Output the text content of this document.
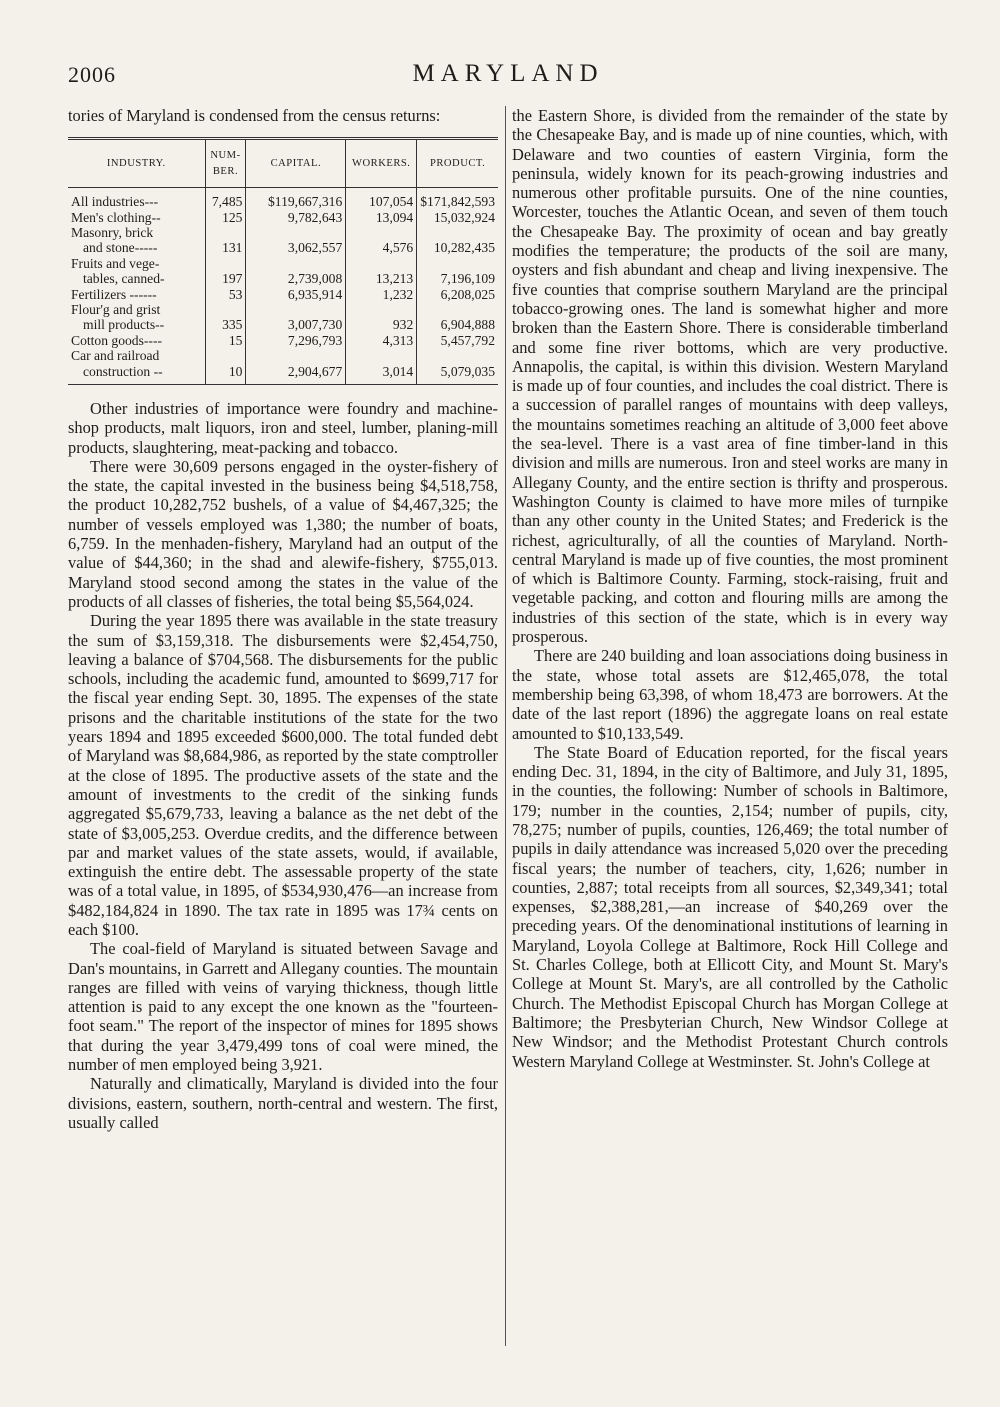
2006	MARYLAND

tories of Maryland is condensed from the census returns:

INDUSTRY.	NUM-BER.	CAPITAL.	WORKERS.	PRODUCT.
All industries---	7,485	$119,667,316	107,054	$171,842,593
Men's clothing--	125	9,782,643	13,094	15,032,924
Masonry, brick
and stone-----	131	3,062,557	4,576	10,282,435
Fruits and vege-
tables, canned-	197	2,739,008	13,213	7,196,109
Fertilizers ------	53	6,935,914	1,232	6,208,025
Flour'g and grist
mill products--	335	3,007,730	932	6,904,888
Cotton goods----	15	7,296,793	4,313	5,457,792
Car and railroad
construction --	10	2,904,677	3,014	5,079,035

Other industries of importance were foundry and machine-shop products, malt liquors, iron and steel, lumber, planing-mill products, slaughtering, meat-packing and tobacco.

There were 30,609 persons engaged in the oyster-fishery of the state, the capital invested in the business being $4,518,758, the product 10,282,752 bushels, of a value of $4,467,325; the number of vessels employed was 1,380; the number of boats, 6,759. In the menhaden-fishery, Maryland had an output of the value of $44,360; in the shad and alewife-fishery, $755,013. Maryland stood second among the states in the value of the products of all classes of fisheries, the total being $5,564,024.

During the year 1895 there was available in the state treasury the sum of $3,159,318. The disbursements were $2,454,750, leaving a balance of $704,568. The disbursements for the public schools, including the academic fund, amounted to $699,717 for the fiscal year ending Sept. 30, 1895. The expenses of the state prisons and the charitable institutions of the state for the two years 1894 and 1895 exceeded $600,000. The total funded debt of Maryland was $8,684,986, as reported by the state comptroller at the close of 1895. The productive assets of the state and the amount of investments to the credit of the sinking funds aggregated $5,679,733, leaving a balance as the net debt of the state of $3,005,253. Overdue credits, and the difference between par and market values of the state assets, would, if available, extinguish the entire debt. The assessable property of the state was of a total value, in 1895, of $534,930,476—an increase from $482,184,824 in 1890. The tax rate in 1895 was 17¾ cents on each $100.

The coal-field of Maryland is situated between Savage and Dan's mountains, in Garrett and Allegany counties. The mountain ranges are filled with veins of varying thickness, though little attention is paid to any except the one known as the "fourteen-foot seam." The report of the inspector of mines for 1895 shows that during the year 3,479,499 tons of coal were mined, the number of men employed being 3,921.

Naturally and climatically, Maryland is divided into the four divisions, eastern, southern, north-central and western. The first, usually called

the Eastern Shore, is divided from the remainder of the state by the Chesapeake Bay, and is made up of nine counties, which, with Delaware and two counties of eastern Virginia, form the peninsula, widely known for its peach-growing industries and numerous other profitable pursuits. One of the nine counties, Worcester, touches the Atlantic Ocean, and seven of them touch the Chesapeake Bay. The proximity of ocean and bay greatly modifies the temperature; the products of the soil are many, oysters and fish abundant and cheap and living inexpensive. The five counties that comprise southern Maryland are the principal tobacco-growing ones. The land is somewhat higher and more broken than the Eastern Shore. There is considerable timberland and some fine river bottoms, which are very productive. Annapolis, the capital, is within this division. Western Maryland is made up of four counties, and includes the coal district. There is a succession of parallel ranges of mountains with deep valleys, the mountains sometimes reaching an altitude of 3,000 feet above the sea-level. There is a vast area of fine timber-land in this division and mills are numerous. Iron and steel works are many in Allegany County, and the entire section is thrifty and prosperous. Washington County is claimed to have more miles of turnpike than any other county in the United States; and Frederick is the richest, agriculturally, of all the counties of Maryland. North-central Maryland is made up of five counties, the most prominent of which is Baltimore County. Farming, stock-raising, fruit and vegetable packing, and cotton and flouring mills are among the industries of this section of the state, which is in every way prosperous.

There are 240 building and loan associations doing business in the state, whose total assets are $12,465,078, the total membership being 63,398, of whom 18,473 are borrowers. At the date of the last report (1896) the aggregate loans on real estate amounted to $10,133,549.

The State Board of Education reported, for the fiscal years ending Dec. 31, 1894, in the city of Baltimore, and July 31, 1895, in the counties, the following: Number of schools in Baltimore, 179; number in the counties, 2,154; number of pupils, city, 78,275; number of pupils, counties, 126,469; the total number of pupils in daily attendance was increased 5,020 over the preceding fiscal years; the number of teachers, city, 1,626; number in counties, 2,887; total receipts from all sources, $2,349,341; total expenses, $2,388,281,—an increase of $40,269 over the preceding years. Of the denominational institutions of learning in Maryland, Loyola College at Baltimore, Rock Hill College and St. Charles College, both at Ellicott City, and Mount St. Mary's College at Mount St. Mary's, are all controlled by the Catholic Church. The Methodist Episcopal Church has Morgan College at Baltimore; the Presbyterian Church, New Windsor College at New Windsor; and the Methodist Protestant Church controls Western Maryland College at Westminster. St. John's College at
